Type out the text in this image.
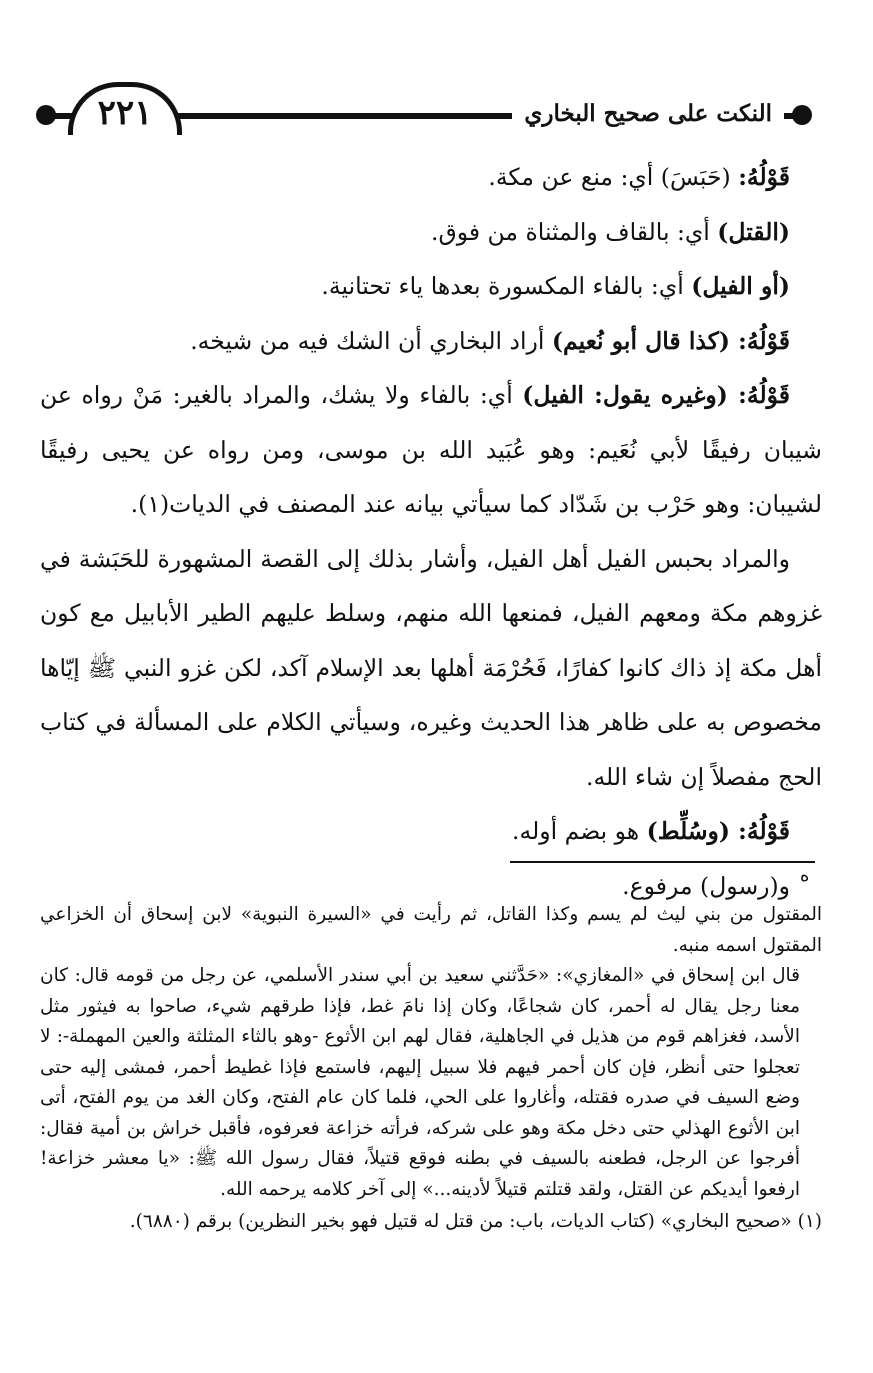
٢٢١	النكت على صحيح البخاري

قَوْلُهُ: (حَبَسَ) أي: منع عن مكة.

(القتل) أي: بالقاف والمثناة من فوق.

(أو الفيل) أي: بالفاء المكسورة بعدها ياء تحتانية.

قَوْلُهُ: (كذا قال أبو نُعيم) أراد البخاري أن الشك فيه من شيخه.

قَوْلُهُ: (وغيره يقول: الفيل) أي: بالفاء ولا يشك، والمراد بالغير: مَنْ رواه عن شيبان رفيقًا لأبي نُعَيم: وهو عُبَيد الله بن موسى، ومن رواه عن يحيى رفيقًا لشيبان: وهو حَرْب بن شَدّاد كما سيأتي بيانه عند المصنف في الديات(١).

والمراد بحبس الفيل أهل الفيل، وأشار بذلك إلى القصة المشهورة للحَبَشة في غزوهم مكة ومعهم الفيل، فمنعها الله منهم، وسلط عليهم الطير الأبابيل مع كون أهل مكة إذ ذاك كانوا كفارًا، فَحُرْمَة أهلها بعد الإسلام آكد، لكن غزو النبي ﷺ إيّاها مخصوص به على ظاهر هذا الحديث وغيره، وسيأتي الكلام على المسألة في كتاب الحج مفصلاً إن شاء الله.

قَوْلُهُ: (وسُلِّط) هو بضم أوله.

و(رسول) مرفوع. ه

المقتول من بني ليث لم يسم وكذا القاتل، ثم رأيت في «السيرة النبوية» لابن إسحاق أن الخزاعي المقتول اسمه منبه.

قال ابن إسحاق في «المغازي»: «حَدَّثني سعيد بن أبي سندر الأسلمي، عن رجل من قومه قال: كان معنا رجل يقال له أحمر، كان شجاعًا، وكان إذا نامَ غط، فإذا طرقهم شيء، صاحوا به فيثور مثل الأسد، فغزاهم قوم من هذيل في الجاهلية، فقال لهم ابن الأثوع -وهو بالثاء المثلثة والعين المهملة-: لا تعجلوا حتى أنظر، فإن كان أحمر فيهم فلا سبيل إليهم، فاستمع فإذا غطيط أحمر، فمشى إليه حتى وضع السيف في صدره فقتله، وأغاروا على الحي، فلما كان عام الفتح، وكان الغد من يوم الفتح، أتى ابن الأثوع الهذلي حتى دخل مكة وهو على شركه، فرأته خزاعة فعرفوه، فأقبل خراش بن أمية فقال: أفرجوا عن الرجل، فطعنه بالسيف في بطنه فوقع قتيلاً، فقال رسول الله ﷺ: «يا معشر خزاعة! ارفعوا أيديكم عن القتل، ولقد قتلتم قتيلاً لأدينه...» إلى آخر كلامه يرحمه الله.

(١) «صحيح البخاري» (كتاب الديات، باب: من قتل له قتيل فهو بخير النظرين) برقم (٦٨٨٠).
